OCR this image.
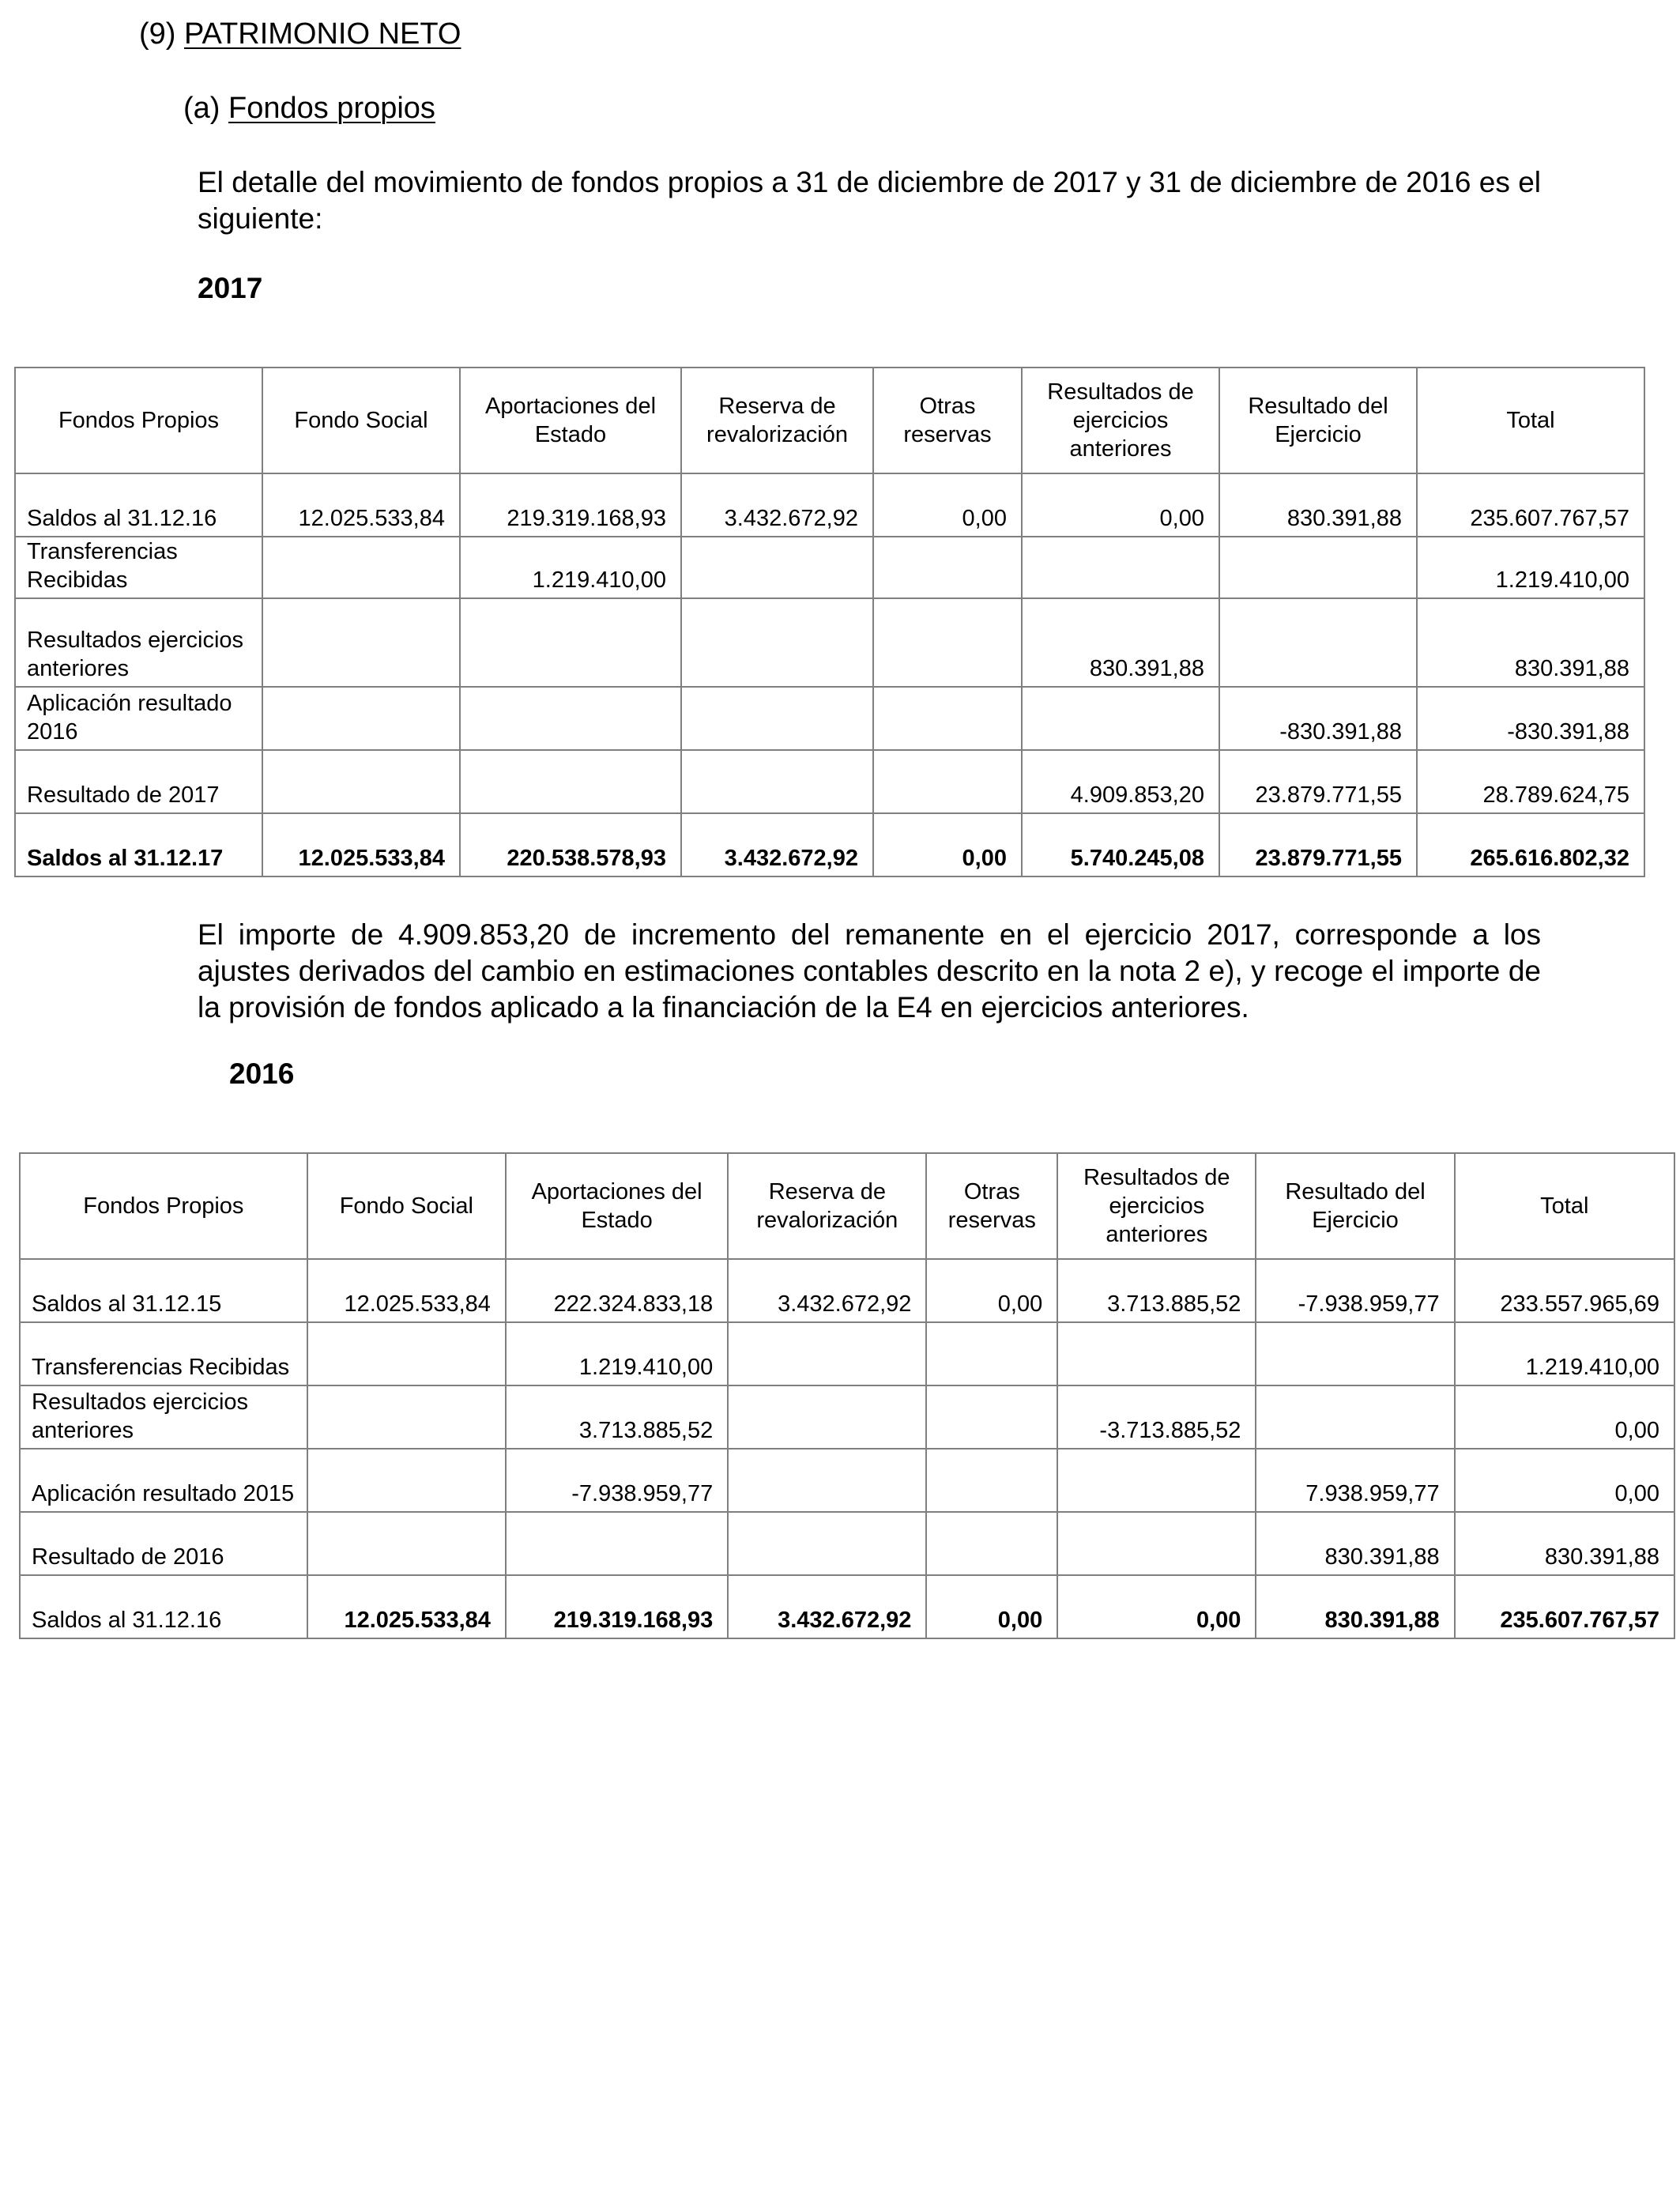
(9) PATRIMONIO NETO
(a) Fondos propios
El detalle del movimiento de fondos propios a 31 de diciembre de 2017 y 31 de diciembre de 2016 es el siguiente:
2017
Fondos Propios	Fondo Social	Aportaciones del Estado	Reserva de revalorización	Otras reservas	Resultados de ejercicios anteriores	Resultado del Ejercicio	Total
Saldos al 31.12.16	12.025.533,84	219.319.168,93	3.432.672,92	0,00	0,00	830.391,88	235.607.767,57
Transferencias Recibidas		1.219.410,00					1.219.410,00
Resultados ejercicios anteriores					830.391,88		830.391,88
Aplicación resultado 2016						-830.391,88	-830.391,88
Resultado de 2017					4.909.853,20	23.879.771,55	28.789.624,75
Saldos al 31.12.17	12.025.533,84	220.538.578,93	3.432.672,92	0,00	5.740.245,08	23.879.771,55	265.616.802,32
El importe de 4.909.853,20 de incremento del remanente en el ejercicio 2017, corresponde a los ajustes derivados del cambio en estimaciones contables descrito en la nota 2 e), y recoge el importe de la provisión de fondos aplicado a la financiación de la E4 en ejercicios anteriores.
2016
Fondos Propios	Fondo Social	Aportaciones del Estado	Reserva de revalorización	Otras reservas	Resultados de ejercicios anteriores	Resultado del Ejercicio	Total
Saldos al 31.12.15	12.025.533,84	222.324.833,18	3.432.672,92	0,00	3.713.885,52	-7.938.959,77	233.557.965,69
Transferencias Recibidas		1.219.410,00					1.219.410,00
Resultados ejercicios anteriores		3.713.885,52			-3.713.885,52		0,00
Aplicación resultado 2015		-7.938.959,77				7.938.959,77	0,00
Resultado de 2016						830.391,88	830.391,88
Saldos al 31.12.16	12.025.533,84	219.319.168,93	3.432.672,92	0,00	0,00	830.391,88	235.607.767,57
